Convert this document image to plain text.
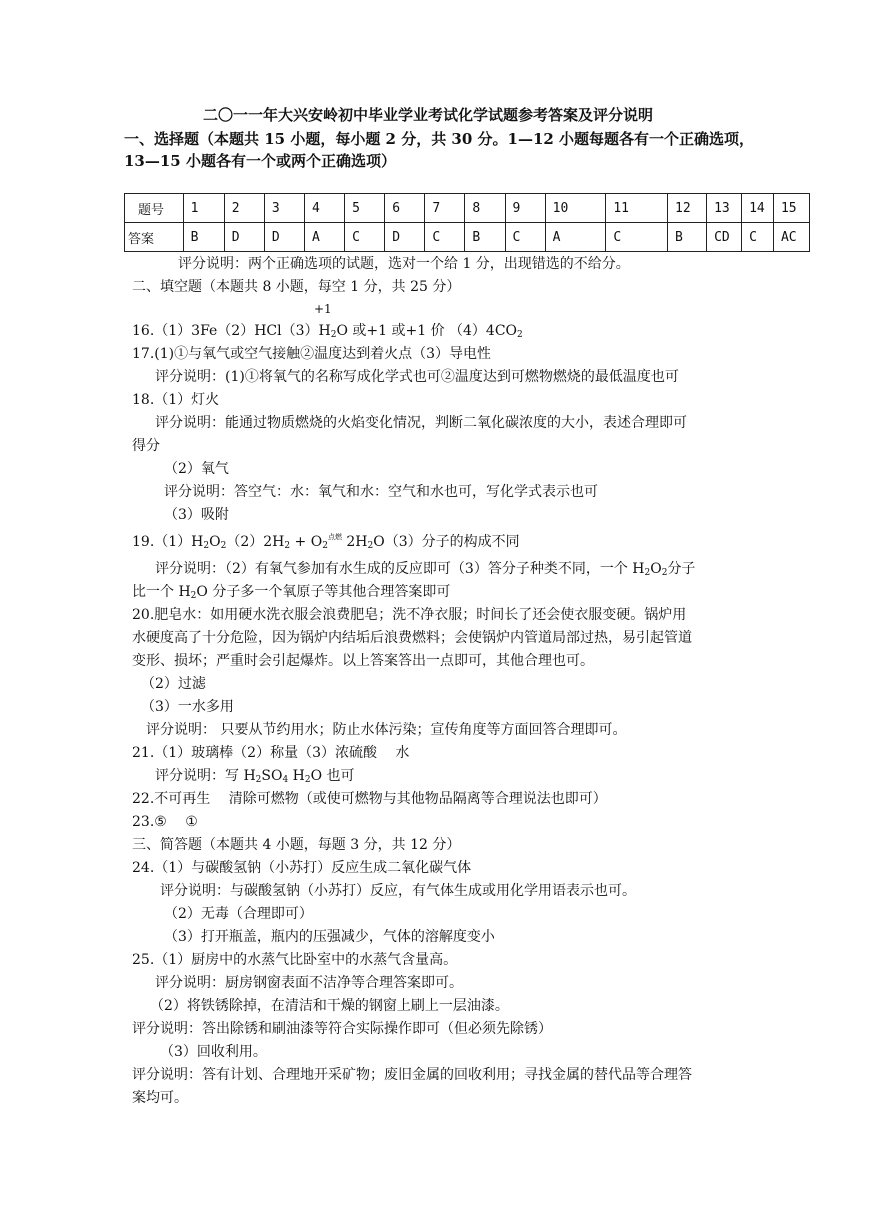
二〇一一年大兴安岭初中毕业学业考试化学试题参考答案及评分说明
一、选择题（本题共 15 小题，每小题 2 分，共 30 分。1—12 小题每题各有一个正确选项，
13—15 小题各有一个或两个正确选项）
题号	1	2	3	4	5	6	7	8	9	10	11	12	13	14	15
答案	B	D	D	A	C	D	C	B	C	A	C	B	CD	C	AC
评分说明：两个正确选项的试题，选对一个给 1 分，出现错选的不给分。
二、填空题（本题共 8 小题，每空 1 分，共 25 分）
+1
$16.(1)3Fe(2)HCl(3)H_2O$ 或+1 或+1 价 $(4)4CO_2$
17.(1)①与氧气或空气接触②温度达到着火点（3）导电性
评分说明：(1)①将氧气的名称写成化学式也可②温度达到可燃物燃烧的最低温度也可
18.（1）灯火
评分说明：能通过物质燃烧的火焰变化情况，判断二氧化碳浓度的大小，表述合理即可
得分
（2）氧气
评分说明：答空气：水：氧气和水：空气和水也可，写化学式表示也可
（3）吸附
$19.(1)H_2O_2(2)2H_2 + O_2^{点燃}$ $2H_2O(3)$分子的构成不同
评分说明：（2）有氧气参加有水生成的反应即可（3）答分子种类不同，一个 $H_2O_2$分子
比一个 $H_2O$ 分子多一个氧原子等其他合理答案即可
20.肥皂水：如用硬水洗衣服会浪费肥皂；洗不净衣服；时间长了还会使衣服变硬。锅炉用
水硬度高了十分危险，因为锅炉内结垢后浪费燃料；会使锅炉内管道局部过热，易引起管道
变形、损坏；严重时会引起爆炸。以上答案答出一点即可，其他合理也可。
（2）过滤
（3）一水多用
评分说明： 只要从节约用水；防止水体污染；宣传角度等方面回答合理即可。
21.（1）玻璃棒（2）称量（3）浓硫酸 　水
评分说明：写 $H_2SO_4$ $H_2O$ 也可
22.不可再生 　清除可燃物（或使可燃物与其他物品隔离等合理说法也即可）
23.⑤ 　①
三、简答题（本题共 4 小题，每题 3 分，共 12 分）
24.（1）与碳酸氢钠（小苏打）反应生成二氧化碳气体
评分说明：与碳酸氢钠（小苏打）反应，有气体生成或用化学用语表示也可。
（2）无毒（合理即可）
（3）打开瓶盖，瓶内的压强减少，气体的溶解度变小
25.（1）厨房中的水蒸气比卧室中的水蒸气含量高。
评分说明：厨房钢窗表面不洁净等合理答案即可。
（2）将铁锈除掉，在清洁和干燥的钢窗上刷上一层油漆。
评分说明：答出除锈和刷油漆等符合实际操作即可（但必须先除锈）
（3）回收利用。
评分说明：答有计划、合理地开采矿物；废旧金属的回收利用；寻找金属的替代品等合理答
案均可。
